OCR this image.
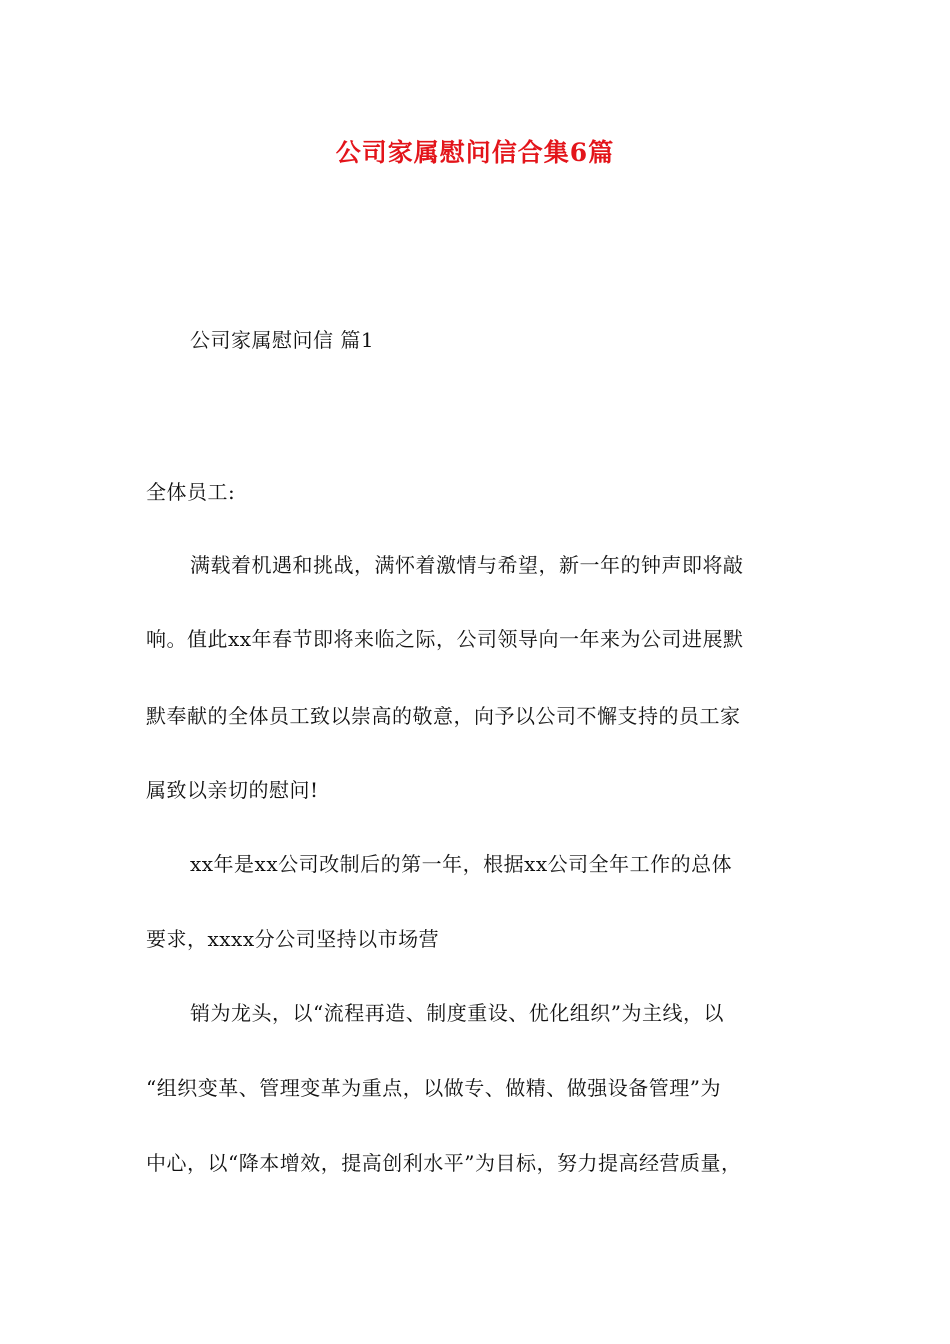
公司家属慰问信合集6篇
公司家属慰问信 篇1
全体员工:
满载着机遇和挑战，满怀着激情与希望，新一年的钟声即将敲
响。值此xx年春节即将来临之际，公司领导向一年来为公司进展默
默奉献的全体员工致以崇高的敬意，向予以公司不懈支持的员工家
属致以亲切的慰问!
xx年是xx公司改制后的第一年，根据xx公司全年工作的总体
要求，xxxx分公司坚持以市场营
销为龙头，以“流程再造、制度重设、优化组织”为主线，以
“组织变革、管理变革为重点，以做专、做精、做强设备管理”为
中心，以“降本增效，提高创利水平”为目标，努力提高经营质量，
